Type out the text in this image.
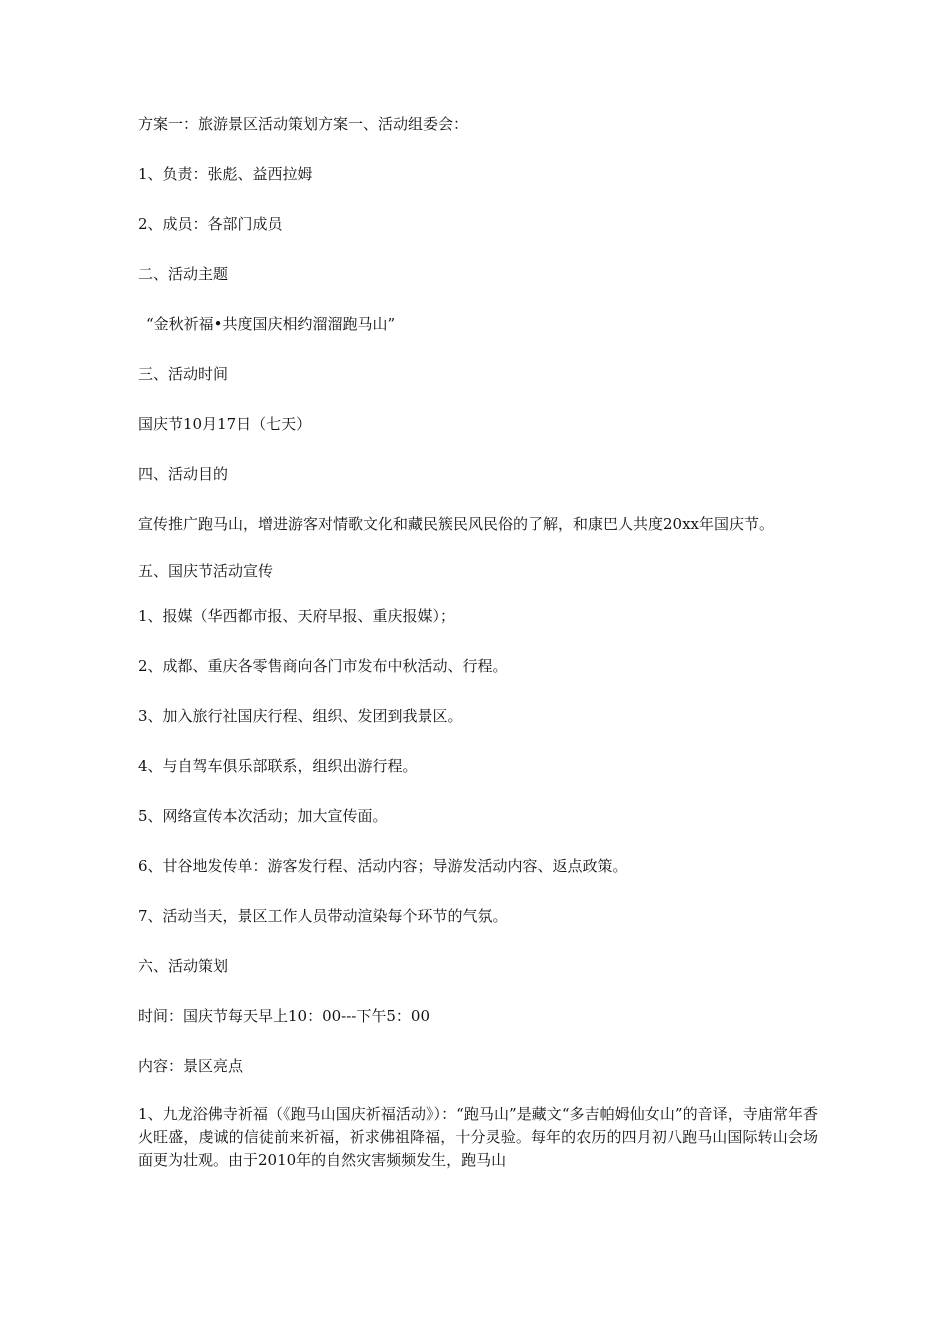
方案一：旅游景区活动策划方案一、活动组委会：

1、负责：张彪、益西拉姆

2、成员：各部门成员

二、活动主题

“金秋祈福•共度国庆相约溜溜跑马山”

三、活动时间

国庆节10月17日（七天）

四、活动目的

宣传推广跑马山，增进游客对情歌文化和藏民簇民风民俗的了解，和康巴人共度20xx年国庆节。

五、国庆节活动宣传

1、报媒（华西都市报、天府早报、重庆报媒）；

2、成都、重庆各零售商向各门市发布中秋活动、行程。

3、加入旅行社国庆行程、组织、发团到我景区。

4、与自驾车俱乐部联系，组织出游行程。

5、网络宣传本次活动；加大宣传面。

6、甘谷地发传单：游客发行程、活动内容；导游发活动内容、返点政策。

7、活动当天，景区工作人员带动渲染每个环节的气氛。

六、活动策划

时间：国庆节每天早上10：00---下午5：00

内容：景区亮点

1、九龙浴佛寺祈福（《跑马山国庆祈福活动》）：“跑马山”是藏文“多吉帕姆仙女山”的音译，寺庙常年香火旺盛，虔诚的信徒前来祈福，祈求佛祖降福，十分灵验。每年的农历的四月初八跑马山国际转山会场面更为壮观。由于2010年的自然灾害频频发生，跑马山
